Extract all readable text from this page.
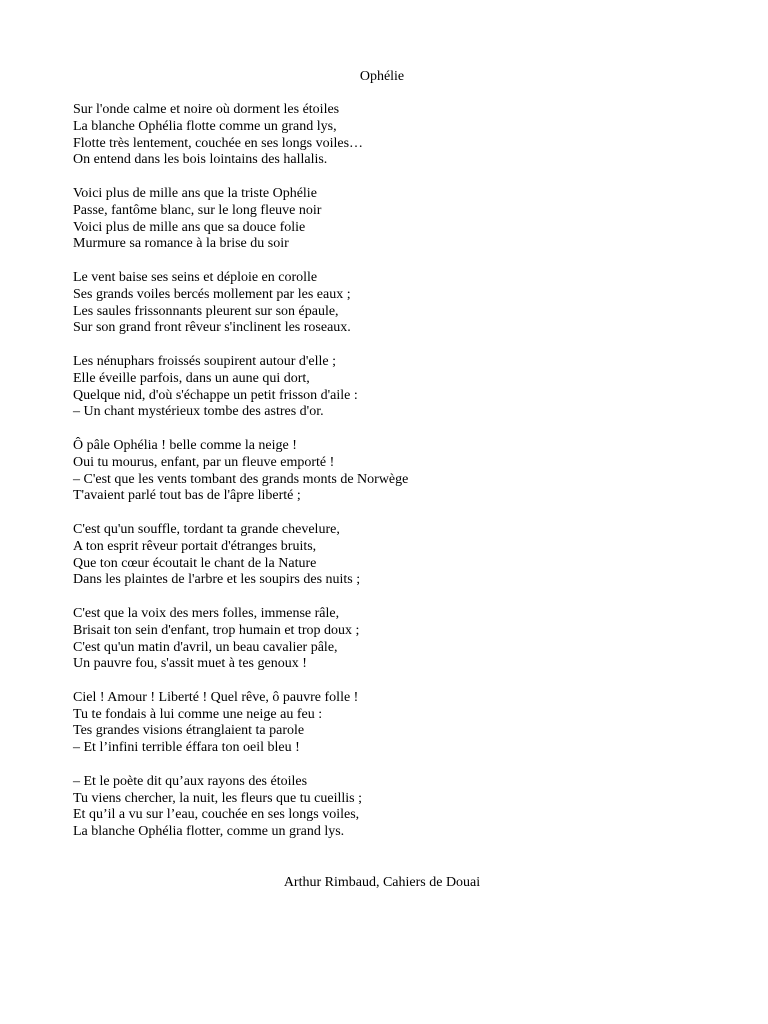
Ophélie
Sur l'onde calme et noire où dorment les étoiles
La blanche Ophélia flotte comme un grand lys,
Flotte très lentement, couchée en ses longs voiles…
On entend dans les bois lointains des hallalis.
Voici plus de mille ans que la triste Ophélie
Passe, fantôme blanc, sur le long fleuve noir
Voici plus de mille ans que sa douce folie
Murmure sa romance à la brise du soir
Le vent baise ses seins et déploie en corolle
Ses grands voiles bercés mollement par les eaux ;
Les saules frissonnants pleurent sur son épaule,
Sur son grand front rêveur s'inclinent les roseaux.
Les nénuphars froissés soupirent autour d'elle ;
Elle éveille parfois, dans un aune qui dort,
Quelque nid, d'où s'échappe un petit frisson d'aile :
– Un chant mystérieux tombe des astres d'or.
Ô pâle Ophélia ! belle comme la neige !
Oui tu mourus, enfant, par un fleuve emporté !
– C'est que les vents tombant des grands monts de Norwège
T'avaient parlé tout bas de l'âpre liberté ;
C'est qu'un souffle, tordant ta grande chevelure,
A ton esprit rêveur portait d'étranges bruits,
Que ton cœur écoutait le chant de la Nature
Dans les plaintes de l'arbre et les soupirs des nuits ;
C'est que la voix des mers folles, immense râle,
Brisait ton sein d'enfant, trop humain et trop doux ;
C'est qu'un matin d'avril, un beau cavalier pâle,
Un pauvre fou, s'assit muet à tes genoux !
Ciel ! Amour ! Liberté ! Quel rêve, ô pauvre folle !
Tu te fondais à lui comme une neige au feu :
Tes grandes visions étranglaient ta parole
– Et l’infini terrible éffara ton oeil bleu !
– Et le poète dit qu’aux rayons des étoiles
Tu viens chercher, la nuit, les fleurs que tu cueillis ;
Et qu’il a vu sur l’eau, couchée en ses longs voiles,
La blanche Ophélia flotter, comme un grand lys.

Arthur Rimbaud, Cahiers de Douai
